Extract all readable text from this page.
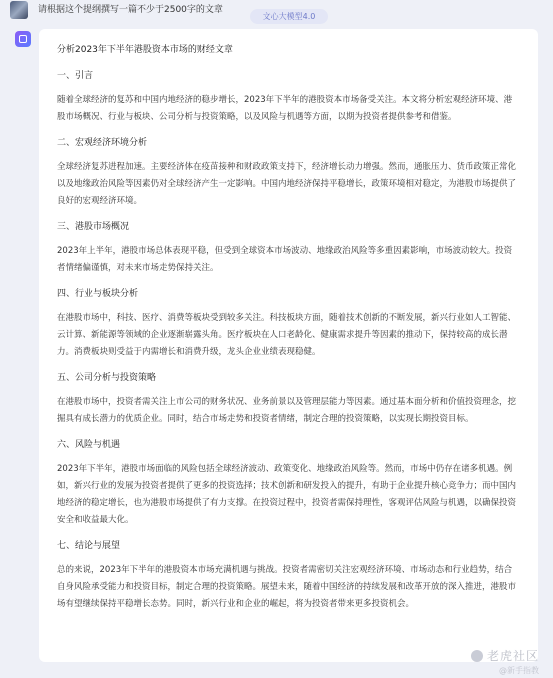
请根据这个提纲撰写一篇不少于2500字的文章
文心大模型4.0
分析2023年下半年港股资本市场的财经文章
一、引言
随着全球经济的复苏和中国内地经济的稳步增长，2023年下半年的港股资本市场备受关注。本文将分析宏观经济环境、港股市场概况、行业与板块、公司分析与投资策略，以及风险与机遇等方面，以期为投资者提供参考和借鉴。
二、宏观经济环境分析
全球经济复苏进程加速。主要经济体在疫苗接种和财政政策支持下，经济增长动力增强。然而，通胀压力、货币政策正常化以及地缘政治风险等因素仍对全球经济产生一定影响。中国内地经济保持平稳增长，政策环境相对稳定，为港股市场提供了良好的宏观经济环境。
三、港股市场概况
2023年上半年，港股市场总体表现平稳，但受到全球资本市场波动、地缘政治风险等多重因素影响，市场波动较大。投资者情绪偏谨慎，对未来市场走势保持关注。
四、行业与板块分析
在港股市场中，科技、医疗、消费等板块受到较多关注。科技板块方面，随着技术创新的不断发展，新兴行业如人工智能、云计算、新能源等领域的企业逐渐崭露头角。医疗板块在人口老龄化、健康需求提升等因素的推动下，保持较高的成长潜力。消费板块则受益于内需增长和消费升级，龙头企业业绩表现稳健。
五、公司分析与投资策略
在港股市场中，投资者需关注上市公司的财务状况、业务前景以及管理层能力等因素。通过基本面分析和价值投资理念，挖掘具有成长潜力的优质企业。同时，结合市场走势和投资者情绪，制定合理的投资策略，以实现长期投资目标。
六、风险与机遇
2023年下半年，港股市场面临的风险包括全球经济波动、政策变化、地缘政治风险等。然而，市场中仍存在诸多机遇。例如，新兴行业的发展为投资者提供了更多的投资选择；技术创新和研发投入的提升，有助于企业提升核心竞争力；而中国内地经济的稳定增长，也为港股市场提供了有力支撑。在投资过程中，投资者需保持理性，客观评估风险与机遇，以确保投资安全和收益最大化。
七、结论与展望
总的来说，2023年下半年的港股资本市场充满机遇与挑战。投资者需密切关注宏观经济环境、市场动态和行业趋势，结合自身风险承受能力和投资目标，制定合理的投资策略。展望未来，随着中国经济的持续发展和改革开放的深入推进，港股市场有望继续保持平稳增长态势。同时，新兴行业和企业的崛起，将为投资者带来更多投资机会。
老虎社区
@新手指教
